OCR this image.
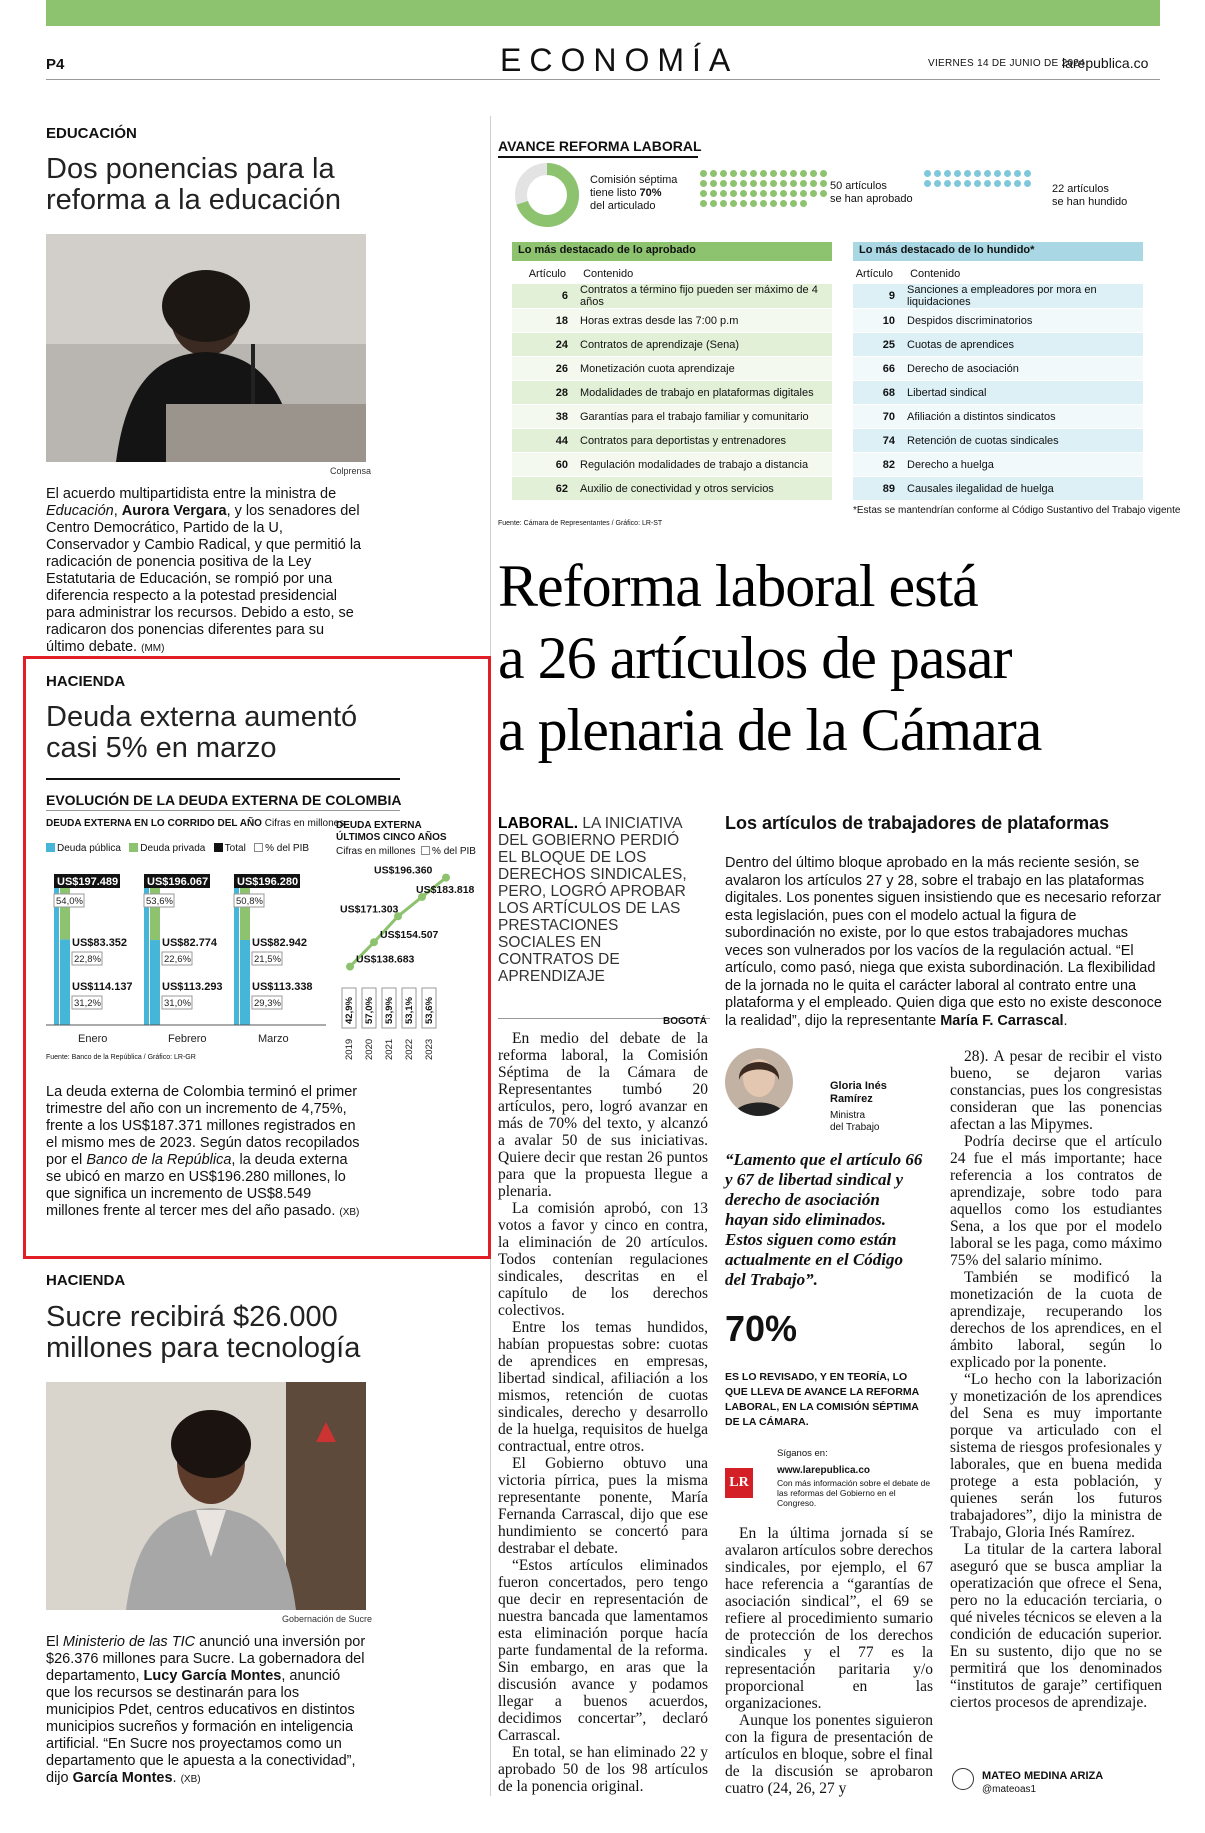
P4	ECONOMÍA	VIERNES 14 DE JUNIO DE 2024
larepublica.co
EDUCACIÓN
Dos ponencias para la
reforma a la educación
Colprensa
El acuerdo multipartidista entre la ministra de Educación, Aurora Vergara, y los senadores del Centro Democrático, Partido de la U, Conservador y Cambio Radical, y que permitió la radicación de ponencia positiva de la Ley Estatutaria de Educación, se rompió por una diferencia respecto a la potestad presidencial para administrar los recursos. Debido a esto, se radicaron dos ponencias diferentes para su último debate. (MM)
HACIENDA
Deuda externa aumentó
casi 5% en marzo
EVOLUCIÓN DE LA DEUDA EXTERNA DE COLOMBIA
DEUDA EXTERNA EN LO CORRIDO DEL AÑO Cifras en millones
Deuda pública Deuda privada Total % del PIB
US$197.489
54,0%
US$83.352
22,8%
US$114.137
31,2%
Enero
US$196.067
53,6%
US$82.774
22,6%
US$113.293
31,0%
Febrero
US$196.280
50,8%
US$82.942
21,5%
US$113.338
29,3%
Marzo
DEUDA EXTERNA
ÚLTIMOS CINCO AÑOS
Cifras en millones % del PIB
US$138.683
US$154.507
US$171.303
US$183.818
US$196.360
42,9% 57,0% 53,9% 53,1% 53,6%
2019 2020 2021 2022 2023
Fuente: Banco de la República / Gráfico: LR-GR
La deuda externa de Colombia terminó el primer trimestre del año con un incremento de 4,75%, frente a los US$187.371 millones registrados en el mismo mes de 2023. Según datos recopilados por el Banco de la República, la deuda externa se ubicó en marzo en US$196.280 millones, lo que significa un incremento de US$8.549 millones frente al tercer mes del año pasado. (XB)
HACIENDA
Sucre recibirá $26.000
millones para tecnología
Gobernación de Sucre
El Ministerio de las TIC anunció una inversión por $26.376 millones para Sucre. La gobernadora del departamento, Lucy García Montes, anunció que los recursos se destinarán para los municipios Pdet, centros educativos en distintos municipios sucreños y formación en inteligencia artificial. “En Sucre nos proyectamos como un departamento que le apuesta a la conectividad”, dijo García Montes. (XB)
AVANCE REFORMA LABORAL
Comisión séptima
tiene listo 70%
del articulado
50 artículos
se han aprobado
22 artículos
se han hundido
Lo más destacado de lo aprobado
Artículo Contenido
6	Contratos a término fijo pueden ser máximo de 4 años
18	Horas extras desde las 7:00 p.m
24	Contratos de aprendizaje (Sena)
26	Monetización cuota aprendizaje
28	Modalidades de trabajo en plataformas digitales
38	Garantías para el trabajo familiar y comunitario
44	Contratos para deportistas y entrenadores
60	Regulación modalidades de trabajo a distancia
62	Auxilio de conectividad y otros servicios
Lo más destacado de lo hundido*
Artículo Contenido
9	Sanciones a empleadores por mora en liquidaciones
10	Despidos discriminatorios
25	Cuotas de aprendices
66	Derecho de asociación
68	Libertad sindical
70	Afiliación a distintos sindicatos
74	Retención de cuotas sindicales
82	Derecho a huelga
89	Causales ilegalidad de huelga
Fuente: Cámara de Representantes / Gráfico: LR-ST
*Estas se mantendrían conforme al Código Sustantivo del Trabajo vigente
Reforma laboral está
a 26 artículos de pasar
a plenaria de la Cámara
LABORAL. LA INICIATIVA DEL GOBIERNO PERDIÓ EL BLOQUE DE LOS DERECHOS SINDICALES, PERO, LOGRÓ APROBAR LOS ARTÍCULOS DE LAS PRESTACIONES SOCIALES EN CONTRATOS DE APRENDIZAJE
Los artículos de trabajadores de plataformas
Dentro del último bloque aprobado en la más reciente sesión, se avalaron los artículos 27 y 28, sobre el trabajo en las plataformas digitales. Los ponentes siguen insistiendo que es necesario reforzar esta legislación, pues con el modelo actual la figura de subordinación no existe, por lo que estos trabajadores muchas veces son vulnerados por los vacíos de la regulación actual. “El artículo, como pasó, niega que exista subordinación. La flexibilidad de la jornada no le quita el carácter laboral al contrato entre una plataforma y el empleado. Quien diga que esto no existe desconoce la realidad”, dijo la representante María F. Carrascal.
BOGOTÁ

En medio del debate de la reforma laboral, la Comisión Séptima de la Cámara de Representantes tumbó 20 artículos, pero, logró avanzar en más de 70% del texto, y alcanzó a avalar 50 de sus iniciativas. Quiere decir que restan 26 puntos para que la propuesta llegue a plenaria.

La comisión aprobó, con 13 votos a favor y cinco en contra, la eliminación de 20 artículos. Todos contenían regulaciones sindicales, descritas en el capítulo de los derechos colectivos.

Entre los temas hundidos, habían propuestas sobre: cuotas de aprendices en empresas, libertad sindical, afiliación a los mismos, retención de cuotas sindicales, derecho y desarrollo de la huelga, requisitos de huelga contractual, entre otros.

El Gobierno obtuvo una victoria pírrica, pues la misma representante ponente, María Fernanda Carrascal, dijo que ese hundimiento se concertó para destrabar el debate.

“Estos artículos eliminados fueron concertados, pero tengo que decir en representación de nuestra bancada que lamentamos esta eliminación porque hacía parte fundamental de la reforma. Sin embargo, en aras que la discusión avance y podamos llegar a buenos acuerdos, decidimos concertar”, declaró Carrascal.

En total, se han eliminado 22 y aprobado 50 de los 98 artículos de la ponencia original.

Gloria Inés
Ramírez
Ministra
del Trabajo
“Lamento que el artículo 66 y 67 de libertad sindical y derecho de asociación hayan sido eliminados. Estos siguen como están actualmente en el Código del Trabajo”.
70%
ES LO REVISADO, Y EN TEORÍA, LO QUE LLEVA DE AVANCE LA REFORMA LABORAL, EN LA COMISIÓN SÉPTIMA DE LA CÁMARA.
Síganos en:
LR
www.larepublica.co
Con más información sobre el debate de las reformas del Gobierno en el Congreso.

En la última jornada sí se avalaron artículos sobre derechos sindicales, por ejemplo, el 67 hace referencia a “garantías de asociación sindical”, el 69 se refiere al procedimiento sumario de protección de los derechos sindicales y el 77 es la representación paritaria y/o proporcional en las organizaciones.

Aunque los ponentes siguieron con la figura de presentación de artículos en bloque, sobre el final de la discusión se aprobaron cuatro (24, 26, 27 y

28). A pesar de recibir el visto bueno, se dejaron varias constancias, pues los congresistas consideran que las ponencias afectan a las Mipymes.

Podría decirse que el artículo 24 fue el más importante; hace referencia a los contratos de aprendizaje, sobre todo para aquellos como los estudiantes Sena, a los que por el modelo laboral se les paga, como máximo 75% del salario mínimo.

También se modificó la monetización de la cuota de aprendizaje, recuperando los derechos de los aprendices, en el ámbito laboral, según lo explicado por la ponente.

“Lo hecho con la laborización y monetización de los aprendices del Sena es muy importante porque va articulado con el sistema de riesgos profesionales y laborales, que en buena medida protege a esta población, y quienes serán los futuros trabajadores”, dijo la ministra de Trabajo, Gloria Inés Ramírez.

La titular de la cartera laboral aseguró que se busca ampliar la operatización que ofrece el Sena, pero no la educación terciaria, o qué niveles técnicos se eleven a la condición de educación superior. En su sustento, dijo que no se permitirá que los denominados “institutos de garaje” certifiquen ciertos procesos de aprendizaje.

MATEO MEDINA ARIZA
@mateoas1
